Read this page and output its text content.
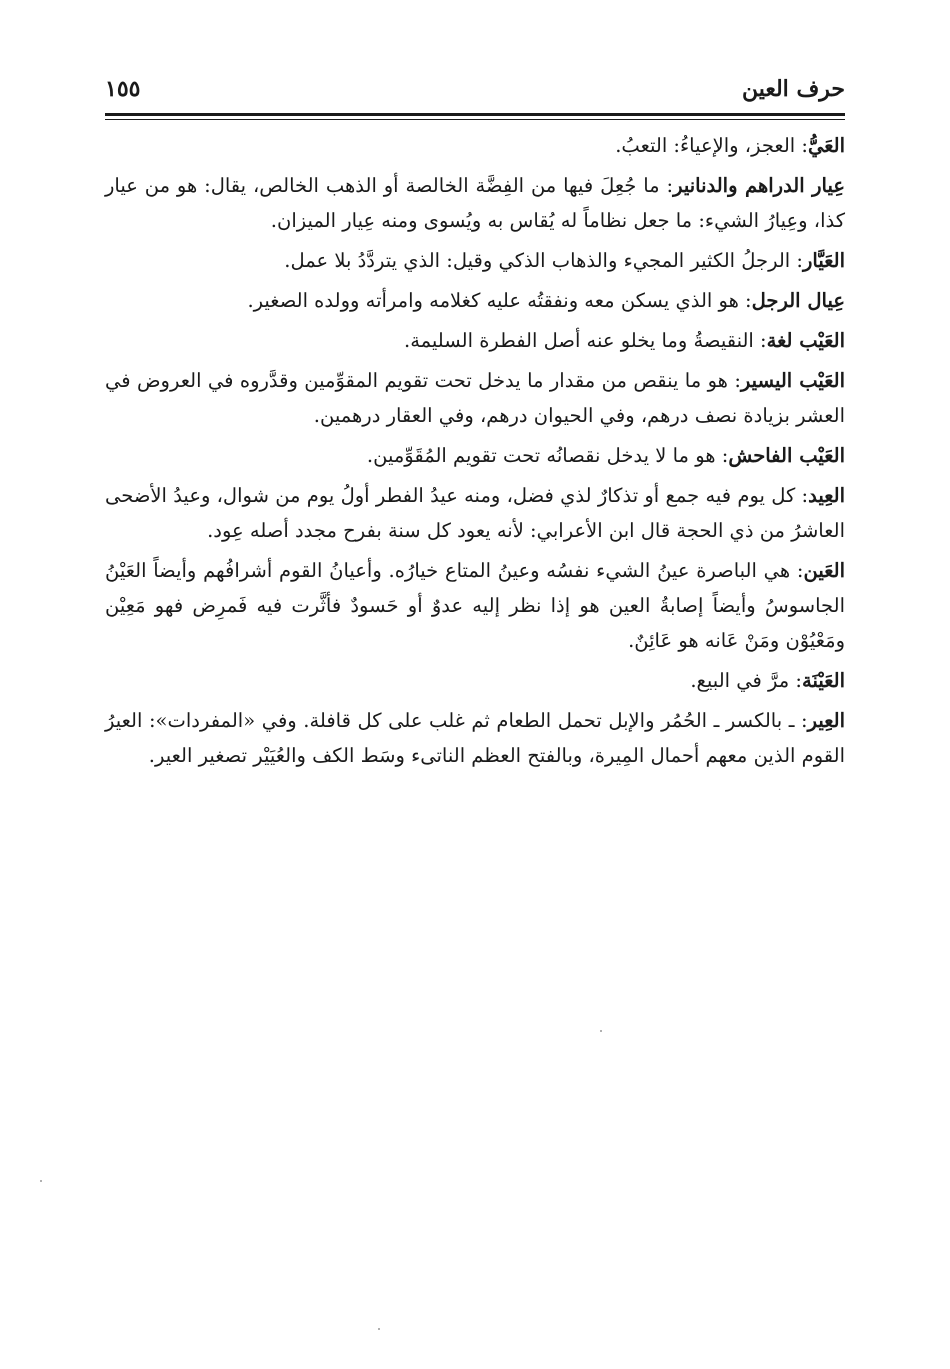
حرف العين
١٥٥

العَيُّ: العجز، والإعياءُ: التعبُ.

عِيار الدراهم والدنانير: ما جُعِلَ فيها من الفِضَّة الخالصة أو الذهب الخالص، يقال: هو من عيار كذا، وعِيارُ الشيء: ما جعل نظاماً له يُقاس به ويُسوى ومنه عِيار الميزان.

العَيَّار: الرجلُ الكثير المجيء والذهاب الذكي وقيل: الذي يتردَّدُ بلا عمل.

عِيال الرجل: هو الذي يسكن معه ونفقتُه عليه كغلامه وامرأته وولده الصغير.

العَيْب لغة: النقيصةُ وما يخلو عنه أصل الفطرة السليمة.

العَيْب اليسير: هو ما ينقص من مقدار ما يدخل تحت تقويم المقوِّمين وقدَّروه في العروض في العشر بزيادة نصف درهم، وفي الحيوان درهم، وفي العقار درهمين.

العَيْب الفاحش: هو ما لا يدخل نقصانُه تحت تقويم المُقَوِّمين.

العِيد: كل يوم فيه جمع أو تذكارٌ لذي فضل، ومنه عيدُ الفطر أولُ يوم من شوال، وعيدُ الأضحى العاشرُ من ذي الحجة قال ابن الأعرابي: لأنه يعود كل سنة بفرح مجدد أصله عِود.

العَين: هي الباصرة عينُ الشيء نفسُه وعينُ المتاع خيارُه. وأعيانُ القوم أشرافُهم وأيضاً العَيْنُ الجاسوسُ وأيضاً إصابةُ العين هو إذا نظر إليه عدوٌ أو حَسودٌ فأثَّرت فيه فَمرِض فهو مَعِيْن ومَعْيُوْن ومَنْ عَانه هو عَائِنٌ.

العَيْنَة: مرَّ في البيع.

العِير: ـ بالكسر ـ الحُمُر والإبل تحمل الطعام ثم غلب على كل قافلة. وفي «المفردات»: العيرُ القوم الذين معهم أحمال المِيرة، وبالفتح العظم الناتىء وسَط الكف والعُيَيْر تصغير العير.
